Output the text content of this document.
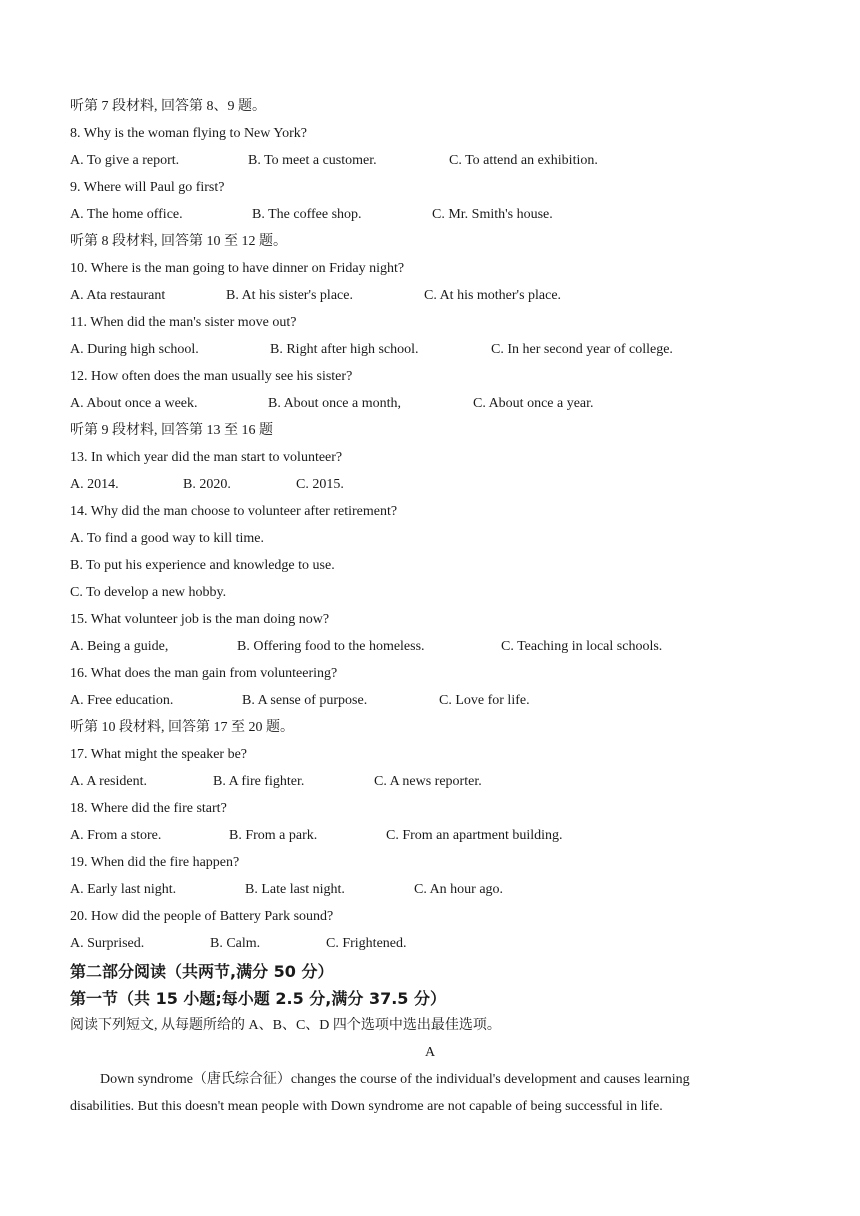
听第 7 段材料, 回答第 8、9 题。
8. Why is the woman flying to New York?
A. To give a report.	B. To meet a customer.	C. To attend an exhibition.
9. Where will Paul go first?
A. The home office.	B. The coffee shop.	C. Mr. Smith's house.
听第 8 段材料, 回答第 10 至 12 题。
10. Where is the man going to have dinner on Friday night?
A. Ata restaurant	B. At his sister's place.	C. At his mother's place.
11. When did the man's sister move out?
A. During high school.	B. Right after high school.	C. In her second year of college.
12. How often does the man usually see his sister?
A. About once a week.	B. About once a month,	C. About once a year.
听第 9 段材料, 回答第 13 至 16 题
13. In which year did the man start to volunteer?
A. 2014.	B. 2020.	C. 2015.
14. Why did the man choose to volunteer after retirement?
A. To find a good way to kill time.
B. To put his experience and knowledge to use.
C. To develop a new hobby.
15. What volunteer job is the man doing now?
A. Being a guide,	B. Offering food to the homeless.	C. Teaching in local schools.
16. What does the man gain from volunteering?
A. Free education.	B. A sense of purpose.	C. Love for life.
听第 10 段材料, 回答第 17 至 20 题。
17. What might the speaker be?
A. A resident.	B. A fire fighter.	C. A news reporter.
18. Where did the fire start?
A. From a store.	B. From a park.	C. From an apartment building.
19. When did the fire happen?
A. Early last night.	B. Late last night.	C. An hour ago.
20. How did the people of Battery Park sound?
A. Surprised.	B. Calm.	C. Frightened.
第二部分阅读（共两节,满分 50 分）
第一节（共 15 小题;每小题 2.5 分,满分 37.5 分）
阅读下列短文, 从每题所给的 A、B、C、D 四个选项中选出最佳选项。
A
Down syndrome（唐氏综合征）changes the course of the individual's development and causes learning
disabilities. But this doesn't mean people with Down syndrome are not capable of being successful in life.
